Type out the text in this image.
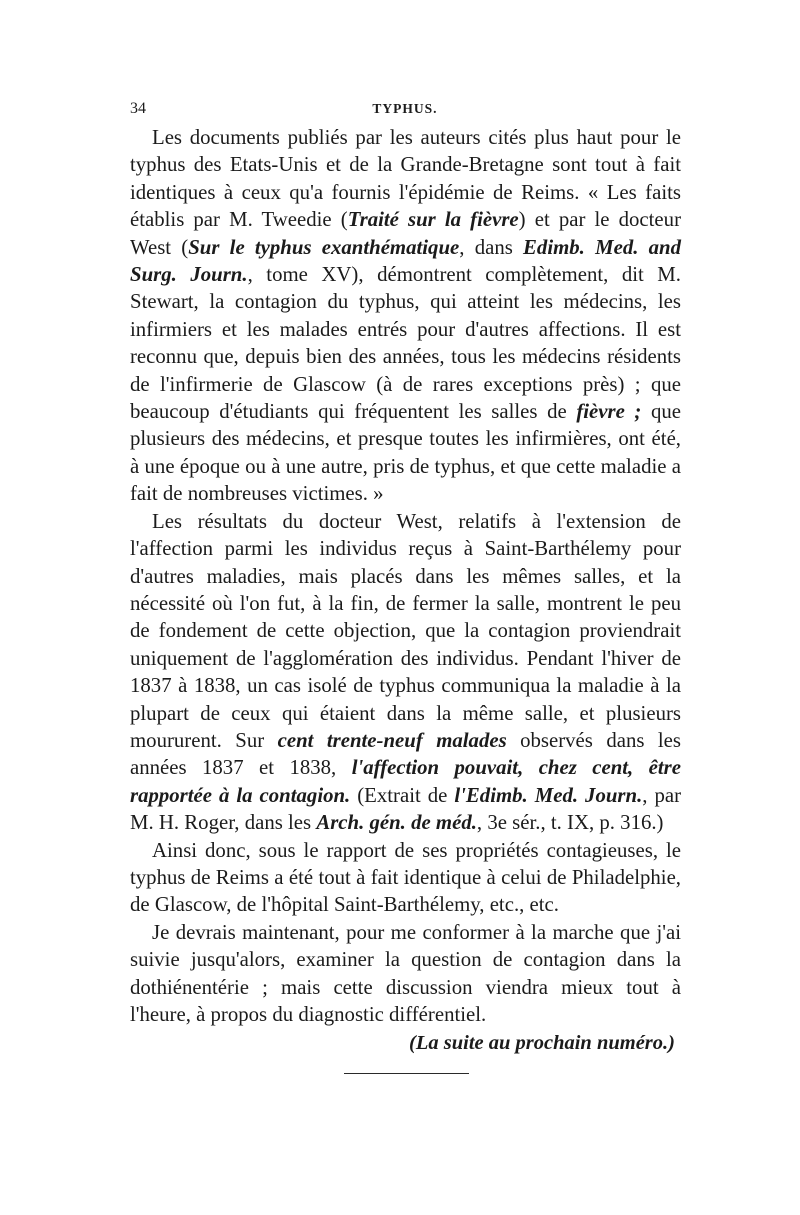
34	TYPHUS.

Les documents publiés par les auteurs cités plus haut pour le typhus des Etats-Unis et de la Grande-Bretagne sont tout à fait identiques à ceux qu'a fournis l'épidémie de Reims. « Les faits établis par M. Tweedie (Traité sur la fièvre) et par le docteur West (Sur le typhus exanthématique, dans Edimb. Med. and Surg. Journ., tome XV), démontrent complètement, dit M. Stewart, la contagion du typhus, qui atteint les médecins, les infirmiers et les malades entrés pour d'autres affections. Il est reconnu que, depuis bien des années, tous les médecins résidents de l'infirmerie de Glascow (à de rares exceptions près) ; que beaucoup d'étudiants qui fréquentent les salles de fièvre ; que plusieurs des médecins, et presque toutes les infirmières, ont été, à une époque ou à une autre, pris de typhus, et que cette maladie a fait de nombreuses victimes. »

Les résultats du docteur West, relatifs à l'extension de l'affection parmi les individus reçus à Saint-Barthélemy pour d'autres maladies, mais placés dans les mêmes salles, et la nécessité où l'on fut, à la fin, de fermer la salle, montrent le peu de fondement de cette objection, que la contagion proviendrait uniquement de l'agglomération des individus. Pendant l'hiver de 1837 à 1838, un cas isolé de typhus communiqua la maladie à la plupart de ceux qui étaient dans la même salle, et plusieurs moururent. Sur cent trente-neuf malades observés dans les années 1837 et 1838, l'affection pouvait, chez cent, être rapportée à la contagion. (Extrait de l'Edimb. Med. Journ., par M. H. Roger, dans les Arch. gén. de méd., 3e sér., t. IX, p. 316.)

Ainsi donc, sous le rapport de ses propriétés contagieuses, le typhus de Reims a été tout à fait identique à celui de Philadelphie, de Glascow, de l'hôpital Saint-Barthélemy, etc., etc.

Je devrais maintenant, pour me conformer à la marche que j'ai suivie jusqu'alors, examiner la question de contagion dans la dothiénentérie ; mais cette discussion viendra mieux tout à l'heure, à propos du diagnostic différentiel.

(La suite au prochain numéro.)
